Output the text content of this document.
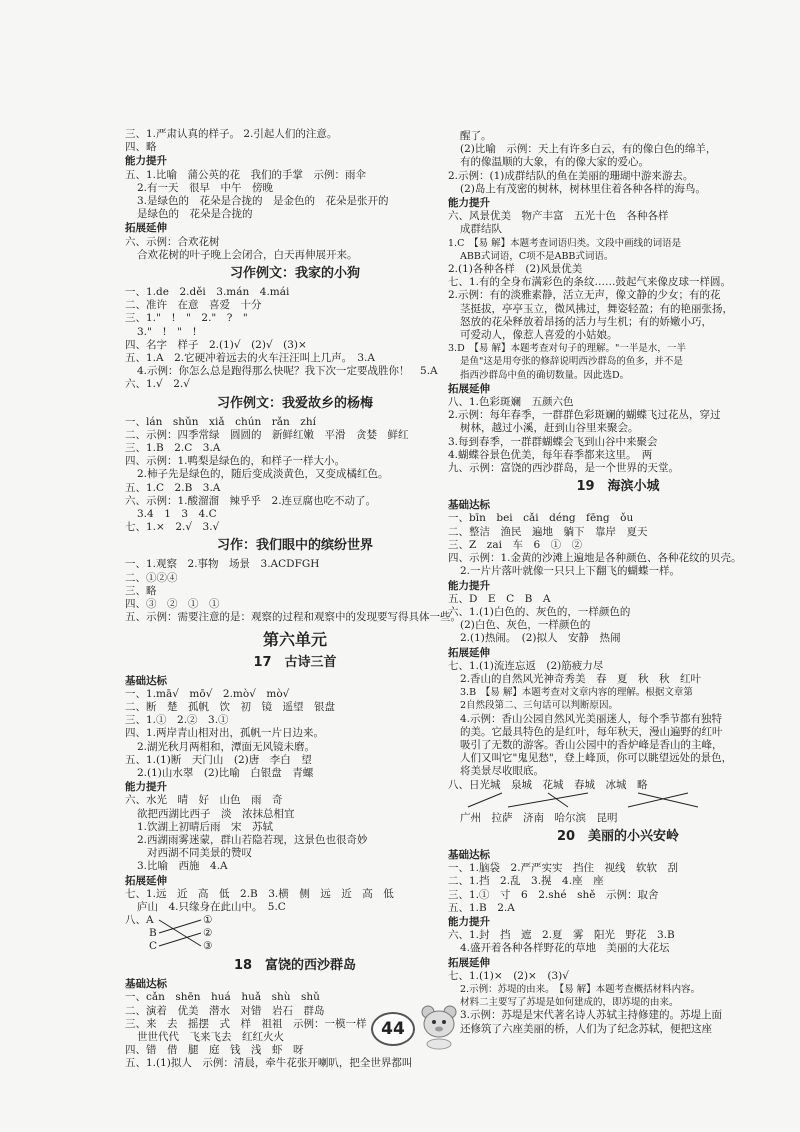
三、1.严肃认真的样子。 2.引起人们的注意。
四、略
能力提升
五、1.比喻　蒲公英的花　我们的手掌　示例：雨伞
2.有一天　很早　中午　傍晚
3.是绿色的　花朵是合拢的　是金色的　花朵是张开的
是绿色的　花朵是合拢的
拓展延伸
六、示例：合欢花树
合欢花树的叶子晚上会闭合，白天再伸展开来。
习作例文：我家的小狗
一、1.de　2.děi　3.mán　4.mái
二、准许　在意　喜爱　十分
三、1."　!　"　2."　?　"
3."　!　"　!
四、名字　样子　2.(1)√　(2)√　(3)×
五、1.A　2.它硬冲着远去的火车汪汪叫上几声。　3.A
4.示例：你怎么总是跑得那么快呢？我下次一定要战胜你！　5.A
六、1.√　2.√
习作例文：我爱故乡的杨梅
一、lán　shǔn　xiǎ　chún　rǎn　zhí
二、示例：四季常绿　圆圆的　新鲜红嫩　平滑　贪婪　鲜红
三、1.B　2.C　3.A
四、示例：1.鸭梨是绿色的，和样子一样大小。
2.柿子先是绿色的，随后变成淡黄色，又变成橘红色。
五、1.C　2.B　3.A
六、示例：1.酸溜溜　辣乎乎　2.连豆腐也吃不动了。
3.4　1　3　4.C
七、1.×　2.√　3.√
习作：我们眼中的缤纷世界
一、1.观察　2.事物　场景　3.ACDFGH
二、①②④
三、略
四、③　②　①　①
五、示例：需要注意的是：观察的过程和观察中的发现要写得具体一些。
第六单元
17　古诗三首
基础达标
一、1.mā√　mō√　2.mò√　mò√
二、断　楚　孤帆　饮　初　镜　遥望　银盘
三、1.①　2.②　3.①
四、1.两岸青山相对出，孤帆一片日边来。
2.湖光秋月两相和，潭面无风镜未磨。
五、1.(1)断　天门山　(2)唐　李白　望
2.(1)山水翠　(2)比喻　白银盘　青螺
能力提升
六、水光　晴　好　山色　雨　奇
欲把西湖比西子　淡　浓抹总相宜
1.饮湖上初晴后雨　宋　苏轼
2.西湖雨雾迷蒙，群山若隐若现，这景色也很奇妙
对西湖不同美景的赞叹
3.比喻　西施　4.A
拓展延伸
七、1.远　近　高　低　2.B　3.横　侧　远　近　高　低
庐山　4.只缘身在此山中。　5.C
八、A
B
C
①
②
③
18　富饶的西沙群岛
基础达标
一、cǎn　shēn　huá　huǎ　shù　shǔ
二、演着　优美　潜水　对错　岩石　群岛
三、来　去　摇摆　式　样　祖祖　示例：一模一样
世世代代　飞来飞去　红红火火
四、错　借　腿　庭　钱　浅　虾　呀
五、1.(1)拟人　示例：清晨，牵牛花张开喇叭，把全世界都叫
醒了。
(2)比喻　示例：天上有许多白云，有的像白色的绵羊，
有的像温顺的大象，有的像大家的爱心。
2.示例：(1)成群结队的鱼在美丽的珊瑚中游来游去。
(2)岛上有茂密的树林，树林里住着各种各样的海鸟。
能力提升
六、风景优美　物产丰富　五光十色　各种各样
成群结队
1.C　【易 解】本题考查词语归类。文段中画线的词语是
ABB式词语，C项不是ABB式词语。
2.(1)各种各样　(2)风景优美
七、1.有的全身布满彩色的条纹……鼓起气来像皮球一样圆。
2.示例：有的淡雅素静，活立无声，像文静的少女；有的花
茎挺拔，亭亭玉立，微风拂过，舞姿轻盈；有的艳丽张扬，
怒放的花朵释放着昂扬的活力与生机；有的娇嫩小巧，
可爱动人，像惹人喜爱的小姑娘。
3.D　【易 解】本题考查对句子的理解。"一半是水，一半
是鱼"这是用夸张的修辞说明西沙群岛的鱼多，并不是
指西沙群岛中鱼的确切数量。因此选D。
拓展延伸
八、1.色彩斑斓　五颜六色
2.示例：每年春季，一群群色彩斑斓的蝴蝶飞过花丛，穿过
树林，越过小溪，赶到山谷里来聚会。
3.每到春季，一群群蝴蝶会飞到山谷中来聚会
4.蝴蝶谷景色优美，每年春季都来这里。　两
九、示例：富饶的西沙群岛，是一个世界的天堂。
19　海滨小城
基础达标
一、bīn　bei　cǎi　déng　fēng　ǒu
二、整洁　渔民　遍地　躺下　靠岸　夏天
三、Z　zai　车　6　①　②
四、示例：1.金黄的沙滩上遍地是各种颜色、各种花纹的贝壳。
2.一片片落叶就像一只只上下翻飞的蝴蝶一样。
能力提升
五、D　E　C　B　A
六、1.(1)白色的、灰色的，一样颜色的
(2)白色、灰色，一样颜色的
2.(1)热闹。　(2)拟人　安静　热闹
拓展延伸
七、1.(1)流连忘返　(2)筋疲力尽
2.香山的自然风光神奇秀美　春　夏　秋　秋　红叶
3.B　【易 解】本题考查对文章内容的理解。根据文章第
2自然段第二、三句话可以判断原因。
4.示例：香山公园自然风光美丽迷人，每个季节都有独特
的美。它最具特色的是红叶，每年秋天，漫山遍野的红叶
吸引了无数的游客。香山公园中的香炉峰是香山的主峰，
人们又叫它"鬼见愁"，登上峰顶，你可以眺望远处的景色，
将美景尽收眼底。
八、日光城　泉城　花城　春城　冰城　略
广州　拉萨　济南　哈尔滨　昆明
20　美丽的小兴安岭
基础达标
一、1.脑袋　2.严严实实　挡住　视线　软软　刮
二、1.挡　2.乱　3.㨪　4.座　座
三、1.①　寸　6　2.shé　shě　示例：取舍
五、1.B　2.A
能力提升
六、1.封　挡　遮　2.夏　雾　阳光　野花　3.B
4.盛开着各种各样野花的草地　美丽的大花坛
拓展延伸
七、1.(1)×　(2)×　(3)√
2.示例：苏堤的由来。　【易 解】本题考查概括材料内容。
材料二主要写了苏堤是如何建成的，即苏堤的由来。
3.示例：苏堤是宋代著名诗人苏轼主持修建的。苏堤上面
还修筑了六座美丽的桥，人们为了纪念苏轼，便把这座
44
